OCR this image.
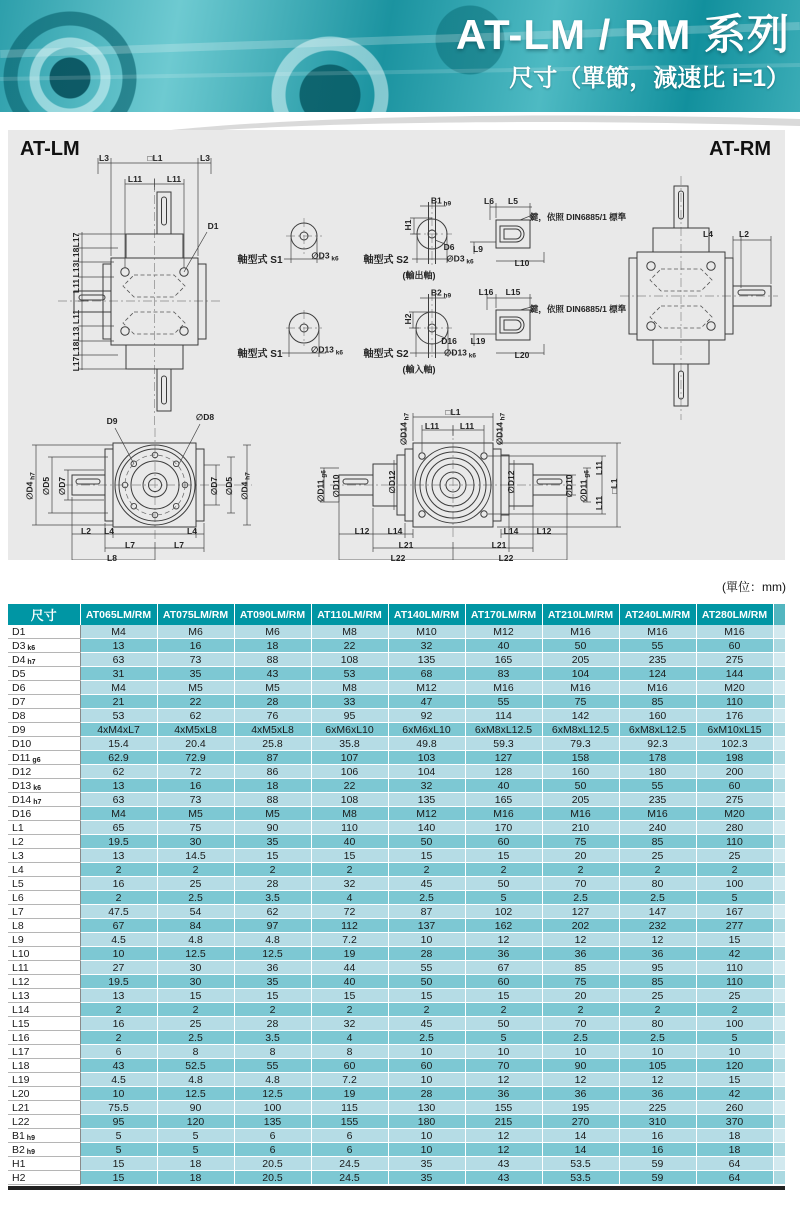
AT-LM / RM 系列
尺寸（單節，減速比 i=1）
AT-LM	AT-RM
L3	□L1	L3
L11	L11
L17
L18
L13
L11
L11
L13
L18
L17
D1
軸型式 S1	∅D3 k6 軸型式 S2
B1 h9
H1
D6
∅D3 k6
(輸出軸)
L6 L5
L9
L10
鍵，依照 DIN6885/1 標準
軸型式 S1	∅D13 k6 軸型式 S2
B2 h9
H2
D16
∅D13 k6
(輸入軸)
L16 L15
L19
L20
鍵，依照 DIN6885/1 標準
L4	L2
D9	∅D8
∅D4 h7 ∅D5 ∅D7	∅D7 ∅D5 ∅D4 h7
L2 L4	L4
L7	L7
L8
□L1
L11 L11
∅D14 h7
∅D14 h7
∅D11 g6 ∅D10	∅D12	∅D12	∅D10 ∅D11 g6 L11
L11
□L1
L12 L14	L14 L12
L21	L21
L22	L22
(單位：mm)
尺寸	AT065LM/RM	AT075LM/RM	AT090LM/RM	AT110LM/RM	AT140LM/RM	AT170LM/RM	AT210LM/RM	AT240LM/RM	AT280LM/RM	
D1	M4	M6	M6	M8	M10	M12	M16	M16	M16	
D3 k6	13	16	18	22	32	40	50	55	60	
D4 h7	63	73	88	108	135	165	205	235	275	
D5	31	35	43	53	68	83	104	124	144	
D6	M4	M5	M5	M8	M12	M16	M16	M16	M20	
D7	21	22	28	33	47	55	75	85	110	
D8	53	62	76	95	92	114	142	160	176	
D9	4xM4xL7	4xM5xL8	4xM5xL8	6xM6xL10	6xM6xL10	6xM8xL12.5	6xM8xL12.5	6xM8xL12.5	6xM10xL15	
D10	15.4	20.4	25.8	35.8	49.8	59.3	79.3	92.3	102.3	
D11 g6	62.9	72.9	87	107	103	127	158	178	198	
D12	62	72	86	106	104	128	160	180	200	
D13 k6	13	16	18	22	32	40	50	55	60	
D14 h7	63	73	88	108	135	165	205	235	275	
D16	M4	M5	M5	M8	M12	M16	M16	M16	M20	
L1	65	75	90	110	140	170	210	240	280	
L2	19.5	30	35	40	50	60	75	85	110	
L3	13	14.5	15	15	15	15	20	25	25	
L4	2	2	2	2	2	2	2	2	2	
L5	16	25	28	32	45	50	70	80	100	
L6	2	2.5	3.5	4	2.5	5	2.5	2.5	5	
L7	47.5	54	62	72	87	102	127	147	167	
L8	67	84	97	112	137	162	202	232	277	
L9	4.5	4.8	4.8	7.2	10	12	12	12	15	
L10	10	12.5	12.5	19	28	36	36	36	42	
L11	27	30	36	44	55	67	85	95	110	
L12	19.5	30	35	40	50	60	75	85	110	
L13	13	15	15	15	15	15	20	25	25	
L14	2	2	2	2	2	2	2	2	2	
L15	16	25	28	32	45	50	70	80	100	
L16	2	2.5	3.5	4	2.5	5	2.5	2.5	5	
L17	6	8	8	8	10	10	10	10	10	
L18	43	52.5	55	60	60	70	90	105	120	
L19	4.5	4.8	4.8	7.2	10	12	12	12	15	
L20	10	12.5	12.5	19	28	36	36	36	42	
L21	75.5	90	100	115	130	155	195	225	260	
L22	95	120	135	155	180	215	270	310	370	
B1 h9	5	5	6	6	10	12	14	16	18	
B2 h9	5	5	6	6	10	12	14	16	18	
H1	15	18	20.5	24.5	35	43	53.5	59	64	
H2	15	18	20.5	24.5	35	43	53.5	59	64	
